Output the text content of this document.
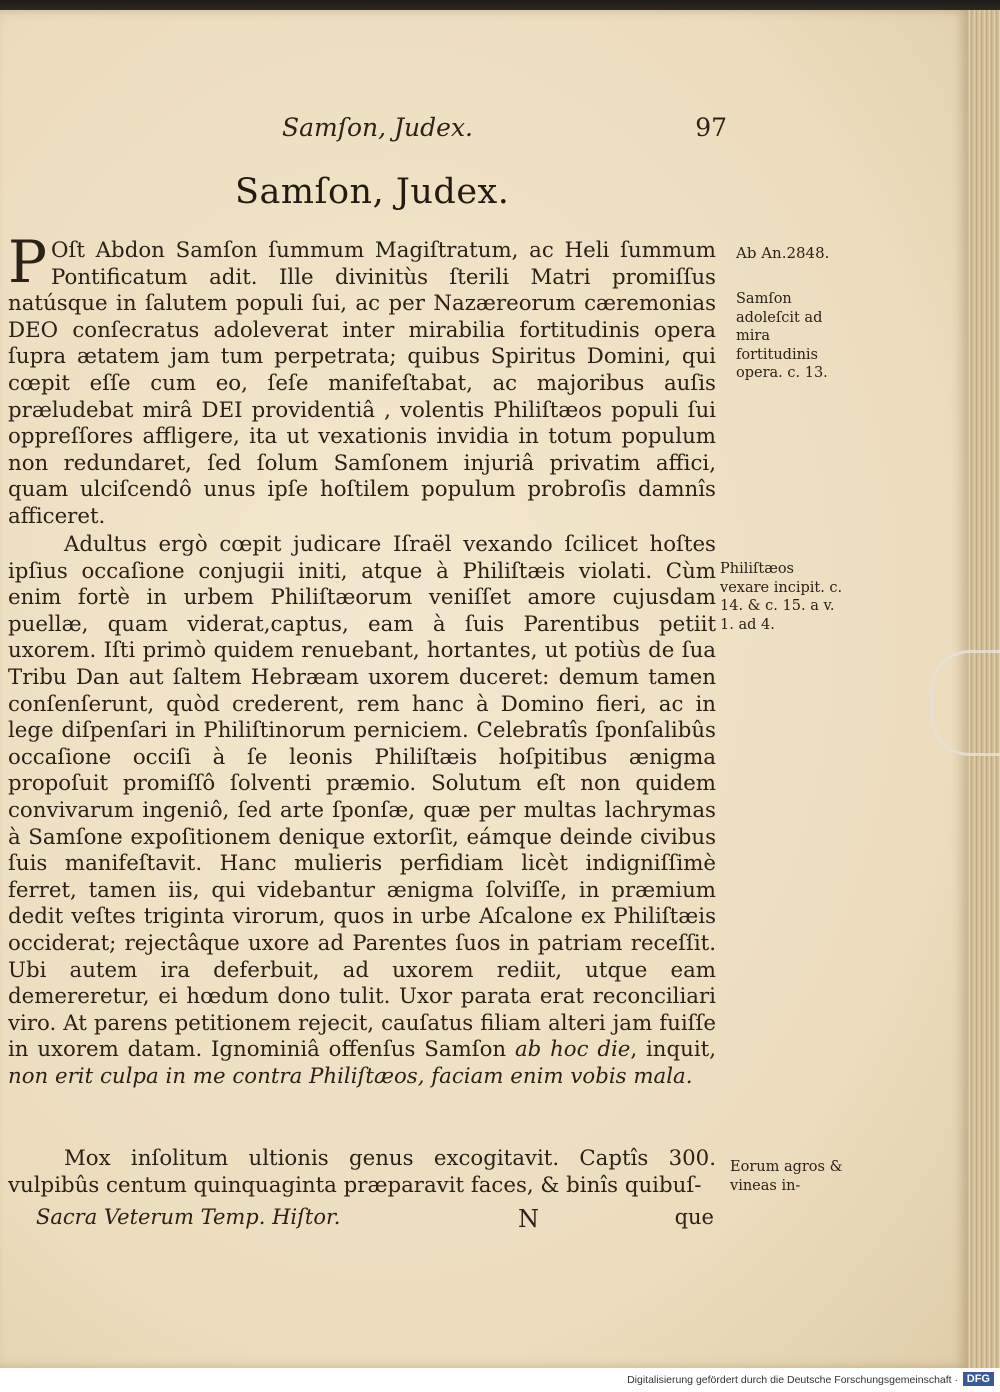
Samſon, Judex.	97
Samſon, Judex.

P Oſt Abdon Samſon ſummum Magiſtratum, ac Heli ſummum Pontificatum adit. Ille divinitùs ſterili Matri promiſſus natúsque in ſalutem populi ſui, ac per Nazæreorum cæremonias DEO conſecratus adoleverat inter mirabilia fortitudinis opera ſupra ætatem jam tum perpetrata; quibus Spiritus Domini, qui cœpit eſſe cum eo, ſeſe manifeſtabat, ac majoribus auſis præludebat mirâ DEI providentiâ , volentis Philiſtæos populi ſui oppreſſores affligere, ita ut vexationis invidia in totum populum non redundaret, ſed ſolum Samſonem injuriâ privatim affici, quam ulciſcendô unus ipſe hoſtilem populum probroſis damnîs afficeret.

Adultus ergò cœpit judicare Iſraël vexando ſcilicet hoſtes ipſius occaſione conjugii initi, atque à Philiſtæis violati. Cùm enim fortè in urbem Philiſtæorum veniſſet amore cujusdam puellæ, quam viderat,captus, eam à ſuis Parentibus petiit uxorem. Iſti primò quidem renuebant, hortantes, ut potiùs de ſua Tribu Dan aut ſaltem Hebræam uxorem duceret: demum tamen conſenſerunt, quòd crederent, rem hanc à Domino fieri, ac in lege diſpenſari in Philiſtinorum perniciem. Celebratîs ſponſalibûs occaſione occiſi à ſe leonis Philiſtæis hoſpitibus ænigma propoſuit promiſſô ſolventi præmio. Solutum eſt non quidem convivarum ingeniô, ſed arte ſponſæ, quæ per multas lachrymas à Samſone expoſitionem denique extorſit, eámque deinde civibus ſuis manifeſtavit. Hanc mulieris perfidiam licèt indigniſſimè ferret, tamen iis, qui videbantur ænigma ſolviſſe, in præmium dedit veſtes triginta virorum, quos in urbe Aſcalone ex Philiſtæis occiderat; rejectâque uxore ad Parentes ſuos in patriam receſſit. Ubi autem ira deferbuit, ad uxorem rediit, utque eam demereretur, ei hœdum dono tulit. Uxor parata erat reconciliari viro. At parens petitionem rejecit, cauſatus filiam alteri jam fuiſſe in uxorem datam. Ignominiâ offenſus Samſon ab hoc die, inquit, non erit culpa in me contra Philiſtæos, faciam enim vobis mala.

Mox inſolitum ultionis genus excogitavit. Captîs 300. vulpibûs centum quinquaginta præparavit faces, & binîs quibuſ-

Sacra Veterum Temp. Hiſtor.	N	que
Ab An.2848.
Samſon adoleſcit ad mira fortitudinis opera. c. 13.
Philiſtæos vexare incipit. c. 14. & c. 15. a v. 1. ad 4.
Eorum agros & vineas in-
Digitalisierung gefördert durch die Deutsche Forschungsgemeinschaft · DFG
